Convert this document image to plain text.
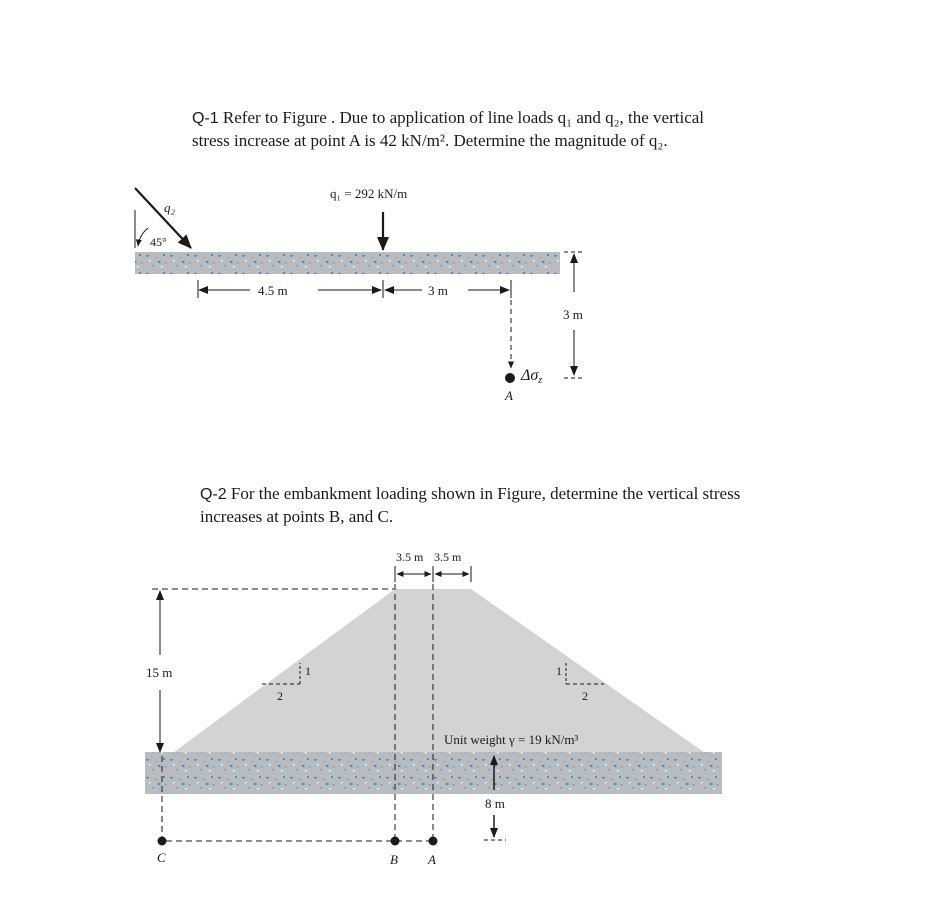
Q-1 Refer to Figure . Due to application of line loads q₁ and q₂, the vertical
stress increase at point A is 42 kN/m². Determine the magnitude of q₂.
Q-2 For the embankment loading shown in Figure, determine the vertical stress
increases at points B, and C.
q₂
45°
q₁ = 292 kN/m
4.5 m	3 m
Δσz
A
3 m
3.5 m 3.5 m
15 m	1
2
1
2
Unit weight γ = 19 kN/m³
8 m
C	B A
